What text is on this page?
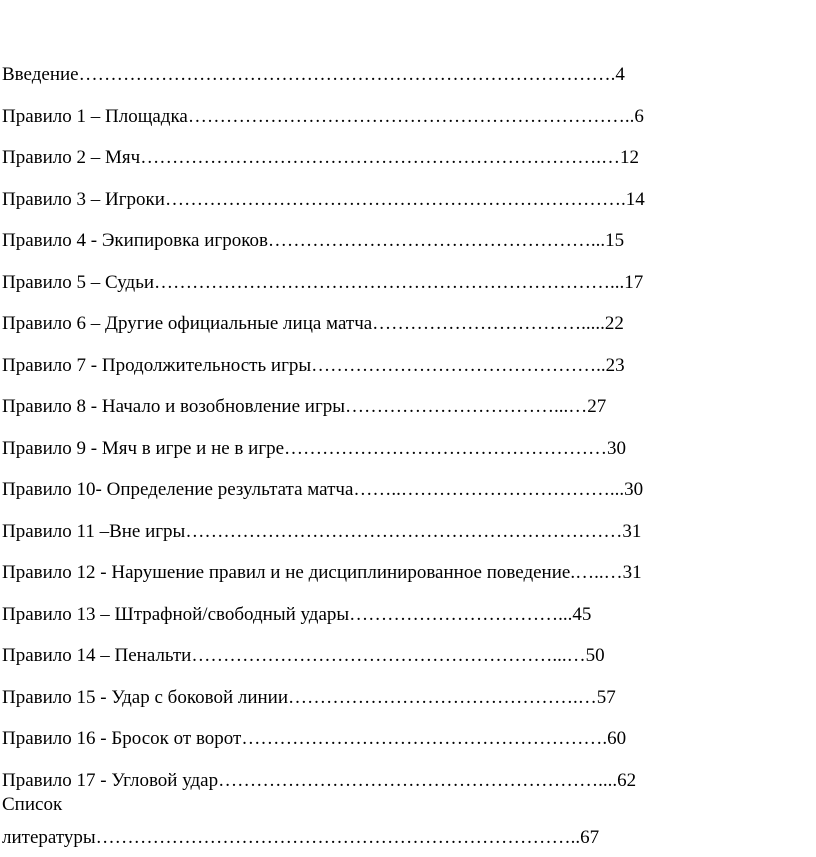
Введение………………………………………………………………………….4
Правило 1 – Площадка……………………………………………………………..6
Правило 2 – Мяч……………………………………………………………….…12
Правило 3 – Игроки……………………………………………………………….14
Правило 4 - Экипировка игроков……………………………………………...15
Правило 5 – Судьи………………………………………………………………...17
Правило 6 – Другие официальные лица матча…………………………….....22
Правило 7 - Продолжительность игры………………………………………..23
Правило 8 - Начало и возобновление игры……………………………...…27
Правило 9 - Мяч в игре и не в игре……………………………………………30
Правило 10- Определение результата матча……..……………………………...30
Правило 11 –Вне игры……………………………………………………………31
Правило 12 - Нарушение правил и не дисциплинированное поведение.…..…31
Правило 13 – Штрафной/свободный удары……………………………...45
Правило 14 – Пенальти…………………………………………………...…50
Правило 15 - Удар с боковой линии……………………………………….…57
Правило 16 - Бросок от ворот………………………………………………….60
Правило 17 - Угловой удар……………………………………………………....62
Список
литературы…………………………………………………………………..67
